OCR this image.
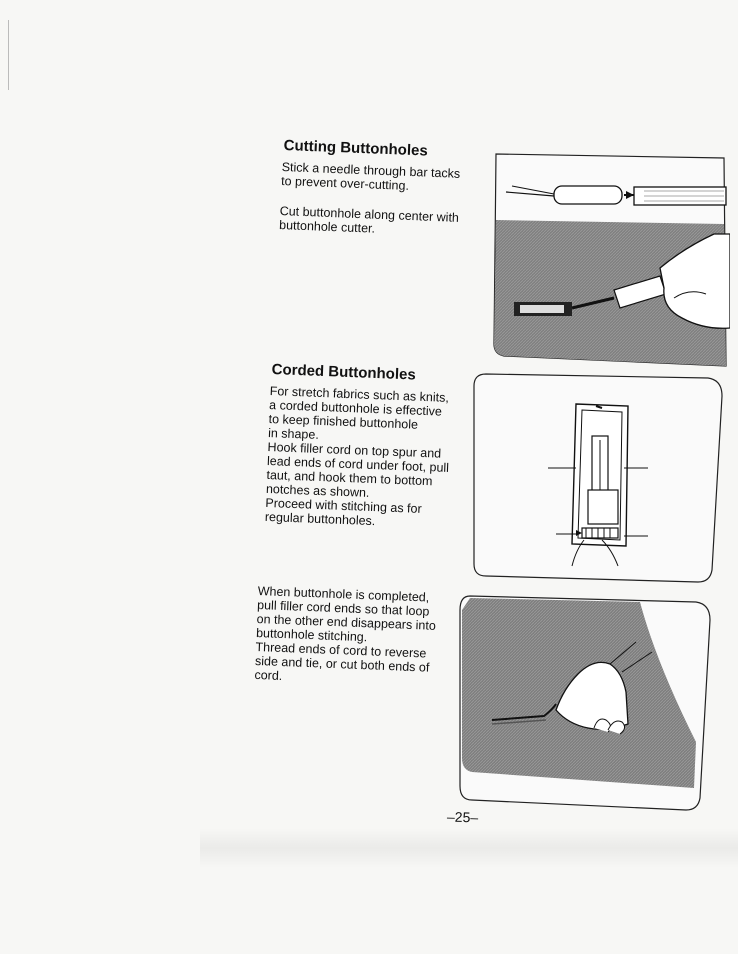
Cutting Buttonholes
Stick a needle through bar tacks
to prevent over-cutting.
Cut buttonhole along center with
buttonhole cutter.
Corded Buttonholes
For stretch fabrics such as knits,
a corded buttonhole is effective
to keep finished buttonhole
in shape.
Hook filler cord on top spur and
lead ends of cord under foot, pull
taut, and hook them to bottom
notches as shown.
Proceed with stitching as for
regular buttonholes.
When buttonhole is completed,
pull filler cord ends so that loop
on the other end disappears into
buttonhole stitching.
Thread ends of cord to reverse
side and tie, or cut both ends of
cord.
–25–
